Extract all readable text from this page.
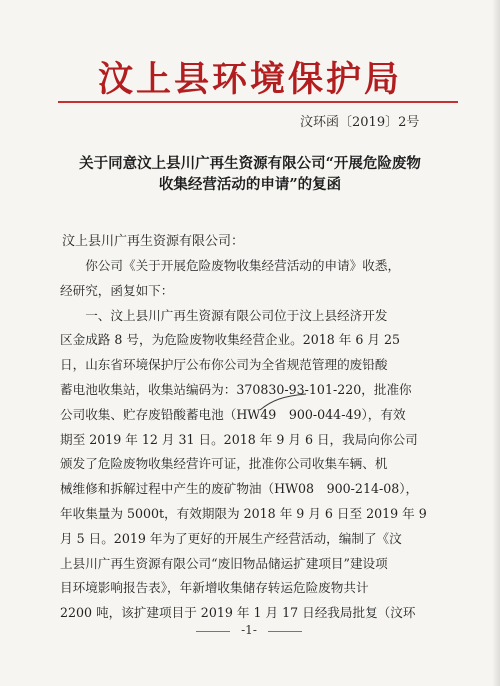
汶上县环境保护局
汶环函〔2019〕2号
关于同意汶上县川广再生资源有限公司“开展危险废物
收集经营活动的申请”的复函
汶上县川广再生资源有限公司：

　　你公司《关于开展危险废物收集经营活动的申请》收悉，

经研究，函复如下：

　　一、汶上县川广再生资源有限公司位于汶上县经济开发

区金成路 8 号，为危险废物收集经营企业。2018 年 6 月 25

日，山东省环境保护厅公布你公司为全省规范管理的废铅酸

蓄电池收集站，收集站编码为：370830-93-101-220，批准你

公司收集、贮存废铅酸蓄电池（HW49　900-044-49），有效

期至 2019 年 12 月 31 日。2018 年 9 月 6 日，我局向你公司

颁发了危险废物收集经营许可证，批准你公司收集车辆、机

械维修和拆解过程中产生的废矿物油（HW08　900-214-08），

年收集量为 5000t，有效期限为 2018 年 9 月 6 日至 2019 年 9

月 5 日。2019 年为了更好的开展生产经营活动，编制了《汶

上县川广再生资源有限公司“废旧物品储运扩建项目”建设项

目环境影响报告表》，年新增收集储存转运危险废物共计

2200 吨，该扩建项目于 2019 年 1 月 17 日经我局批复（汶环

-1-
